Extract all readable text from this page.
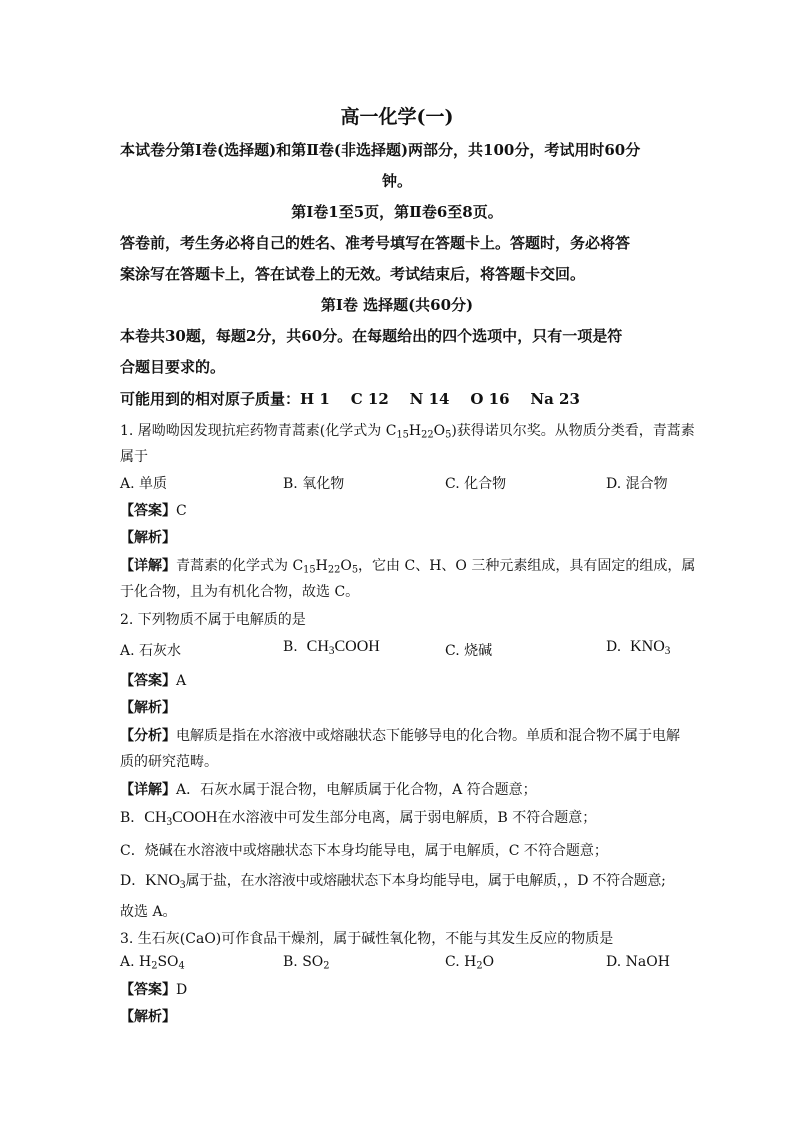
高一化学(一)
本试卷分第Ⅰ卷(选择题)和第Ⅱ卷(非选择题)两部分，共100分，考试用时60分
钟。
第Ⅰ卷1至5页，第Ⅱ卷6至8页。
答卷前，考生务必将自己的姓名、准考号填写在答题卡上。答题时，务必将答
案涂写在答题卡上，答在试卷上的无效。考试结束后，将答题卡交回。
第Ⅰ卷 选择题(共60分)
本卷共30题，每题2分，共60分。在每题给出的四个选项中，只有一项是符
合题目要求的。
可能用到的相对原子质量：H 1    C 12    N 14    O 16    Na 23
1. 屠呦呦因发现抗疟药物青蒿素(化学式为 $C_{15}H_{22}O_5$)获得诺贝尔奖。从物质分类看，青蒿素
属于
A. 单质	B. 氧化物	C. 化合物	D. 混合物
【答案】C
【解析】
【详解】青蒿素的化学式为 $C_{15}H_{22}O_5$，它由 C、H、O 三种元素组成，具有固定的组成，属
于化合物，且为有机化合物，故选 C。
2. 下列物质不属于电解质的是
A. 石灰水	B. $CH_3COOH$	C. 烧碱	D. $KNO_3$
【答案】A
【解析】
【分析】电解质是指在水溶液中或熔融状态下能够导电的化合物。单质和混合物不属于电解
质的研究范畴。
【详解】A．石灰水属于混合物，电解质属于化合物，A 符合题意；
B．$CH_3COOH$在水溶液中可发生部分电离，属于弱电解质，B 不符合题意；
C．烧碱在水溶液中或熔融状态下本身均能导电，属于电解质，C 不符合题意；
D．$KNO_3$属于盐，在水溶液中或熔融状态下本身均能导电，属于电解质，，D 不符合题意;
故选 A。
3. 生石灰(CaO)可作食品干燥剂，属于碱性氧化物，不能与其发生反应的物质是
A. $H_2SO_4$	B. $SO_2$	C. $H_2O$	D. NaOH
【答案】D
【解析】
